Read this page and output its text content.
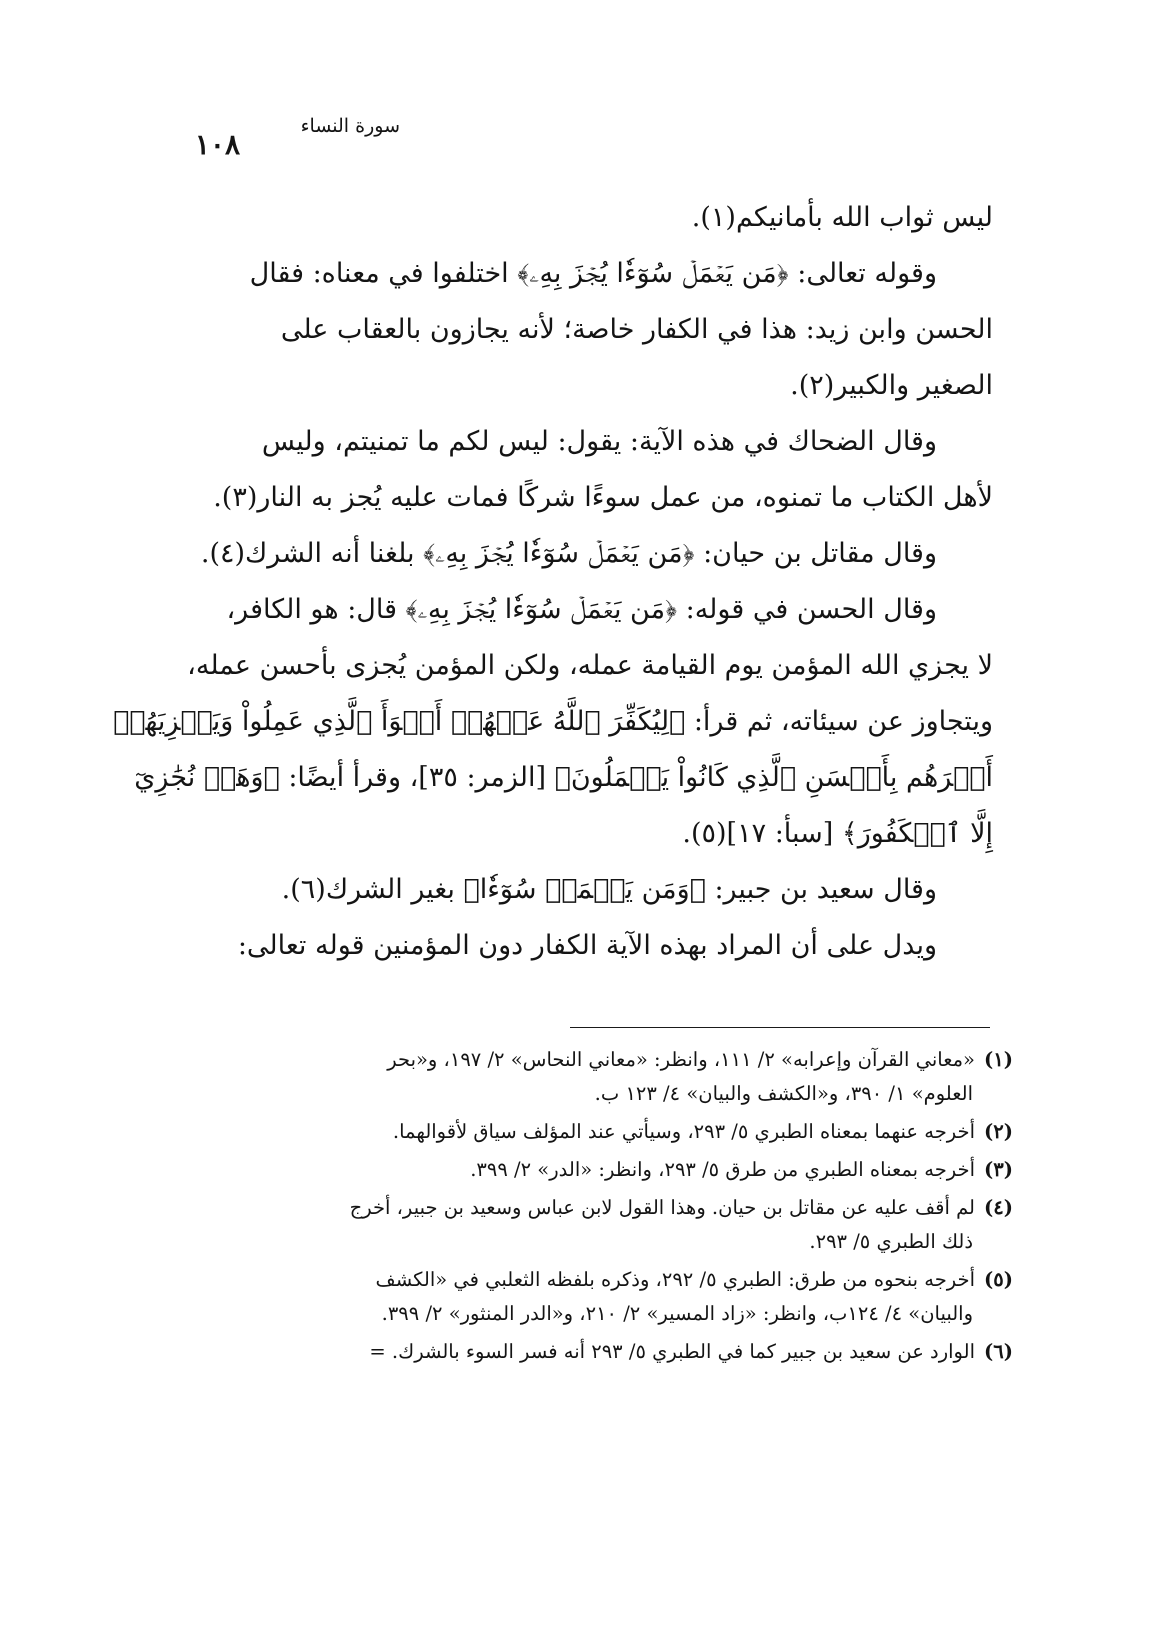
سورة النساء
١٠٨
ليس ثواب الله بأمانيكم(١).
وقوله تعالى: ﴿مَن يَعۡمَلۡ سُوٓءٗا يُجۡزَ بِهِۦ﴾ اختلفوا في معناه: فقال
الحسن وابن زيد: هذا في الكفار خاصة؛ لأنه يجازون بالعقاب على
الصغير والكبير(٢).
وقال الضحاك في هذه الآية: يقول: ليس لكم ما تمنيتم، وليس
لأهل الكتاب ما تمنوه، من عمل سوءًا شركًا فمات عليه يُجز به النار(٣).
وقال مقاتل بن حيان: ﴿مَن يَعۡمَلۡ سُوٓءٗا يُجۡزَ بِهِۦ﴾ بلغنا أنه الشرك(٤).
وقال الحسن في قوله: ﴿مَن يَعۡمَلۡ سُوٓءٗا يُجۡزَ بِهِۦ﴾ قال: هو الكافر،
لا يجزي الله المؤمن يوم القيامة عمله، ولكن المؤمن يُجزى بأحسن عمله،
ويتجاوز عن سيئاته، ثم قرأ: ﴿لِيُكَفِّرَ ٱللَّهُ عَنۡهُمۡ أَسۡوَأَ ٱلَّذِي عَمِلُواْ وَيَجۡزِيَهُمۡ
أَجۡرَهُم بِأَحۡسَنِ ٱلَّذِي كَانُواْ يَعۡمَلُونَ﴾ [الزمر: ٣٥]، وقرأ أيضًا: ﴿وَهَلۡ نُجَٰزِيٓ
إِلَّا ٱلۡكَفُورَ﴾ [سبأ: ١٧](٥).
وقال سعيد بن جبير: ﴿وَمَن يَعۡمَلۡ سُوٓءٗا﴾ بغير الشرك(٦).
ويدل على أن المراد بهذه الآية الكفار دون المؤمنين قوله تعالى:
(١)«معاني القرآن وإعرابه» ٢/ ١١١، وانظر: «معاني النحاس» ٢/ ١٩٧، و«بحر
العلوم» ١/ ٣٩٠، و«الكشف والبيان» ٤/ ١٢٣ ب.
(٢)أخرجه عنهما بمعناه الطبري ٥/ ٢٩٣، وسيأتي عند المؤلف سياق لأقوالهما.
(٣)أخرجه بمعناه الطبري من طرق ٥/ ٢٩٣، وانظر: «الدر» ٢/ ٣٩٩.
(٤)لم أقف عليه عن مقاتل بن حيان. وهذا القول لابن عباس وسعيد بن جبير، أخرج
ذلك الطبري ٥/ ٢٩٣.
(٥)أخرجه بنحوه من طرق: الطبري ٥/ ٢٩٢، وذكره بلفظه الثعلبي في «الكشف
والبيان» ٤/ ١٢٤ب، وانظر: «زاد المسير» ٢/ ٢١٠، و«الدر المنثور» ٢/ ٣٩٩.
(٦)الوارد عن سعيد بن جبير كما في الطبري ٥/ ٢٩٣ أنه فسر السوء بالشرك. =
